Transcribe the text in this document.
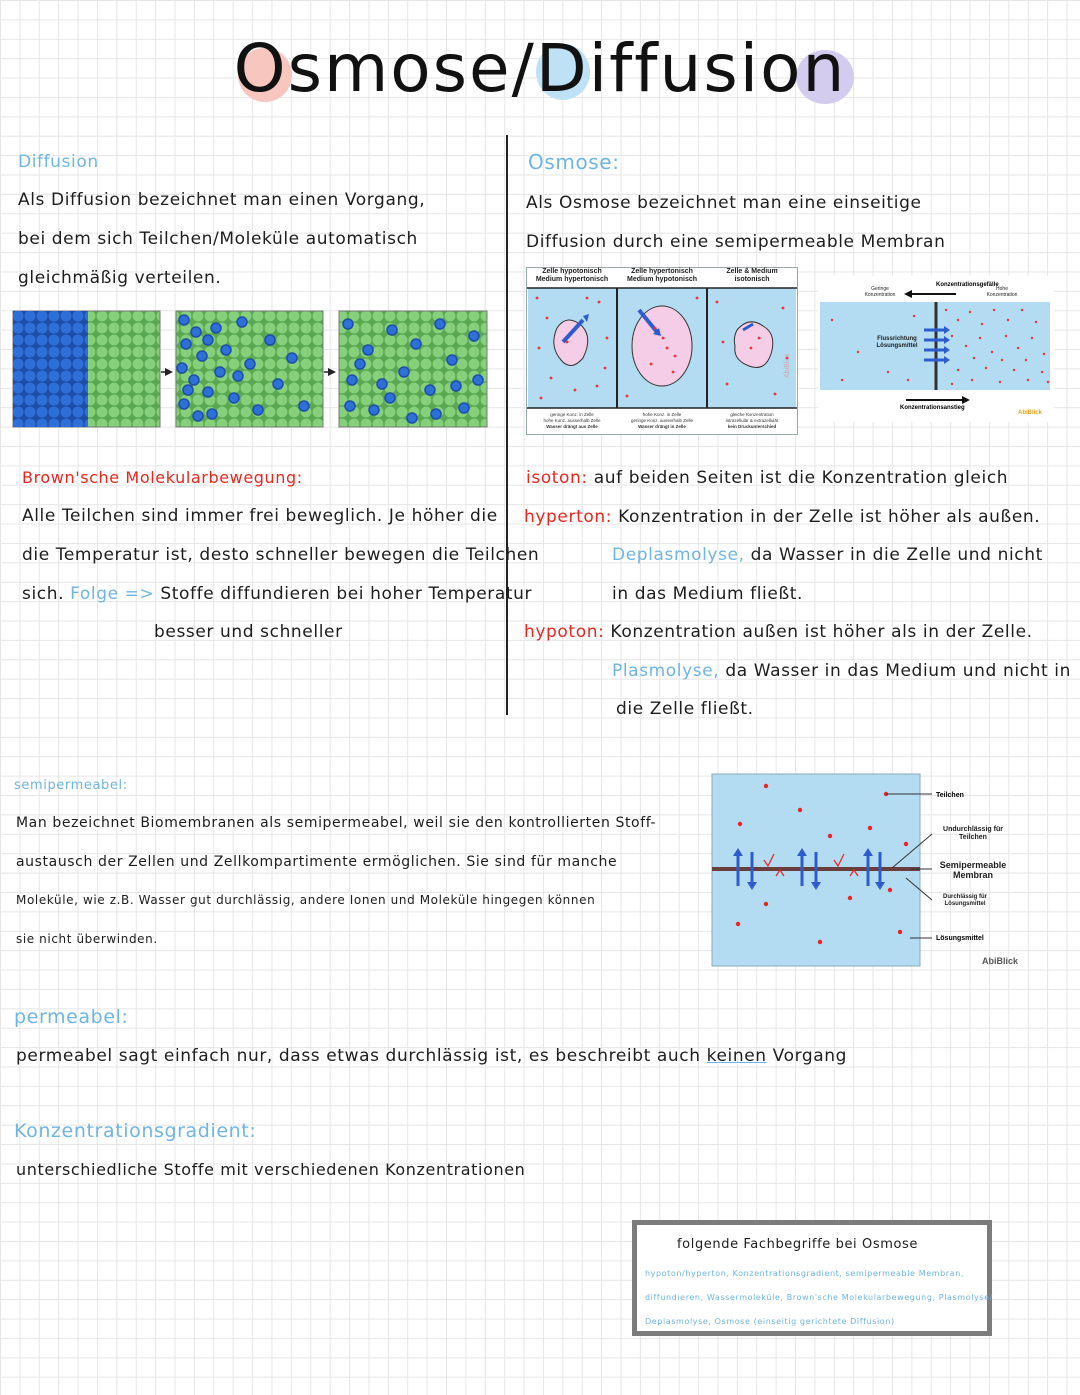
Osmose/Diffusion
Diffusion
Als Diffusion bezeichnet man einen Vorgang,
bei dem sich Teilchen/Moleküle automatisch
gleichmäßig verteilen.
Brown'sche Molekularbewegung:
Alle Teilchen sind immer frei beweglich. Je höher die
die Temperatur ist, desto schneller bewegen die Teilchen
sich. Folge => Stoffe diffundieren bei hoher Temperatur
besser und schneller
Osmose:
Als Osmose bezeichnet man eine einseitige
Diffusion durch eine semipermeable Membran
AbiBlick
geringe Konz. in Zelle
hohe Konz. ausserhalb Zelle
Wasser drängt aus Zelle
hohe Konz. in Zelle
geringe Konz. ausserhalb Zelle
Wasser drängt in Zelle
gleiche Konzentration
intrazellulär & extrazellulär
kein Druckunterschied
Zelle hypotonisch
Medium hypertonisch
Zelle hypertonisch
Medium hypotonisch
Zelle & Medium
isotonisch
Konzentrationsgefälle
Konzentrationsanstieg
AbiBlick
Geringe
Konzentration
Hohe
Konzentration
Flussrichtung
Lösungsmittel
isoton: auf beiden Seiten ist die Konzentration gleich
hyperton: Konzentration in der Zelle ist höher als außen.
Deplasmolyse, da Wasser in die Zelle und nicht
in das Medium fließt.
hypoton: Konzentration außen ist höher als in der Zelle.
Plasmolyse, da Wasser in das Medium und nicht in
die Zelle fließt.
semipermeabel:
Man bezeichnet Biomembranen als semipermeabel, weil sie den kontrollierten Stoff-
austausch der Zellen und Zellkompartimente ermöglichen. Sie sind für manche
Moleküle, wie z.B. Wasser gut durchlässig, andere Ionen und Moleküle hingegen können
sie nicht überwinden.
Teilchen
Lösungsmittel
AbiBlick
Undurchlässig für
Teilchen
Semipermeable
Membran
Durchlässig für
Lösungsmittel
permeabel:
permeabel sagt einfach nur, dass etwas durchlässig ist, es beschreibt auch keinen Vorgang
Konzentrationsgradient:
unterschiedliche Stoffe mit verschiedenen Konzentrationen
folgende Fachbegriffe bei Osmose
hypoton/hyperton, Konzentrationsgradient, semipermeable Membran,
diffundieren, Wassermoleküle, Brown'sche Molekularbewegung, Plasmolyse/
Deplasmolyse, Osmose (einseitig gerichtete Diffusion)
